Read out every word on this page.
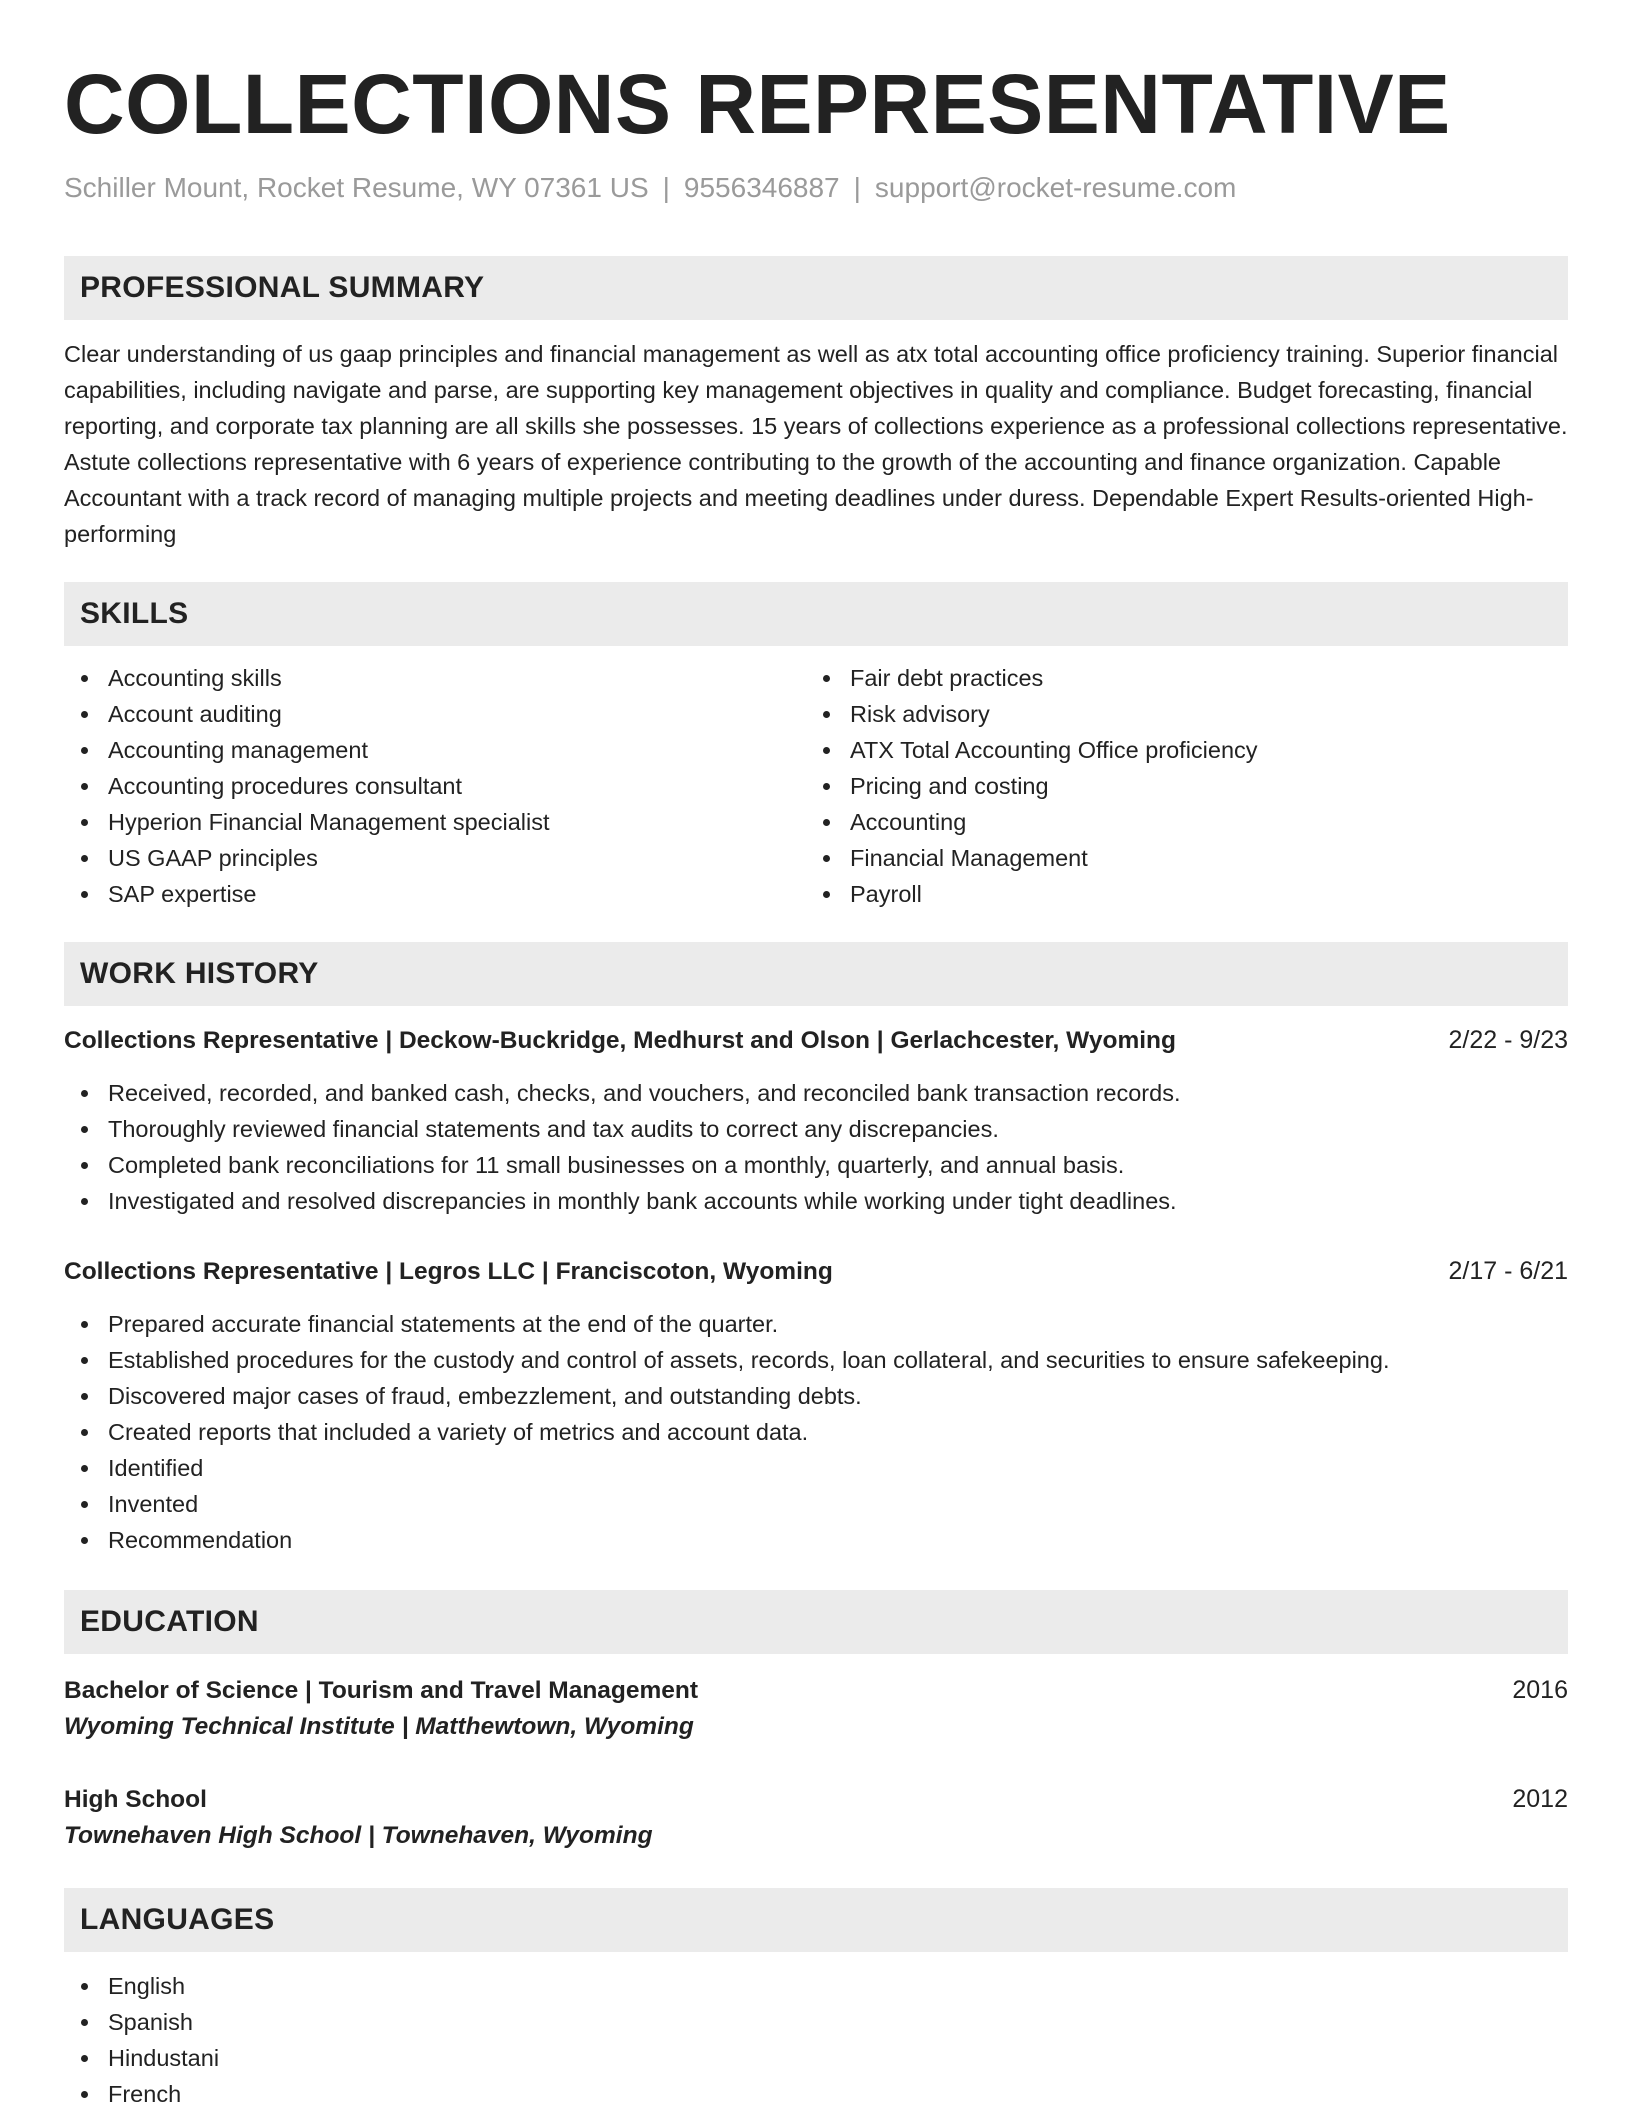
COLLECTIONS REPRESENTATIVE
Schiller Mount, Rocket Resume, WY 07361 US | 9556346887 | support@rocket-resume.com
PROFESSIONAL SUMMARY

Clear understanding of us gaap principles and financial management as well as atx total accounting office proficiency training. Superior financial capabilities, including navigate and parse, are supporting key management objectives in quality and compliance. Budget forecasting, financial reporting, and corporate tax planning are all skills she possesses. 15 years of collections experience as a professional collections representative. Astute collections representative with 6 years of experience contributing to the growth of the accounting and finance organization. Capable Accountant with a track record of managing multiple projects and meeting deadlines under duress. Dependable Expert Results-oriented High-performing

SKILLS
Accounting skills
Account auditing
Accounting management
Accounting procedures consultant
Hyperion Financial Management specialist
US GAAP principles
SAP expertise
Fair debt practices
Risk advisory
ATX Total Accounting Office proficiency
Pricing and costing
Accounting
Financial Management
Payroll
WORK HISTORY
Collections Representative | Deckow-Buckridge, Medhurst and Olson | Gerlachcester, Wyoming	2/22 - 9/23
Received, recorded, and banked cash, checks, and vouchers, and reconciled bank transaction records.
Thoroughly reviewed financial statements and tax audits to correct any discrepancies.
Completed bank reconciliations for 11 small businesses on a monthly, quarterly, and annual basis.
Investigated and resolved discrepancies in monthly bank accounts while working under tight deadlines.
Collections Representative | Legros LLC | Franciscoton, Wyoming	2/17 - 6/21
Prepared accurate financial statements at the end of the quarter.
Established procedures for the custody and control of assets, records, loan collateral, and securities to ensure safekeeping.
Discovered major cases of fraud, embezzlement, and outstanding debts.
Created reports that included a variety of metrics and account data.
Identified
Invented
Recommendation
EDUCATION
Bachelor of Science | Tourism and Travel Management	2016
Wyoming Technical Institute | Matthewtown, Wyoming
High School	2012
Townehaven High School | Townehaven, Wyoming
LANGUAGES
English
Spanish
Hindustani
French
